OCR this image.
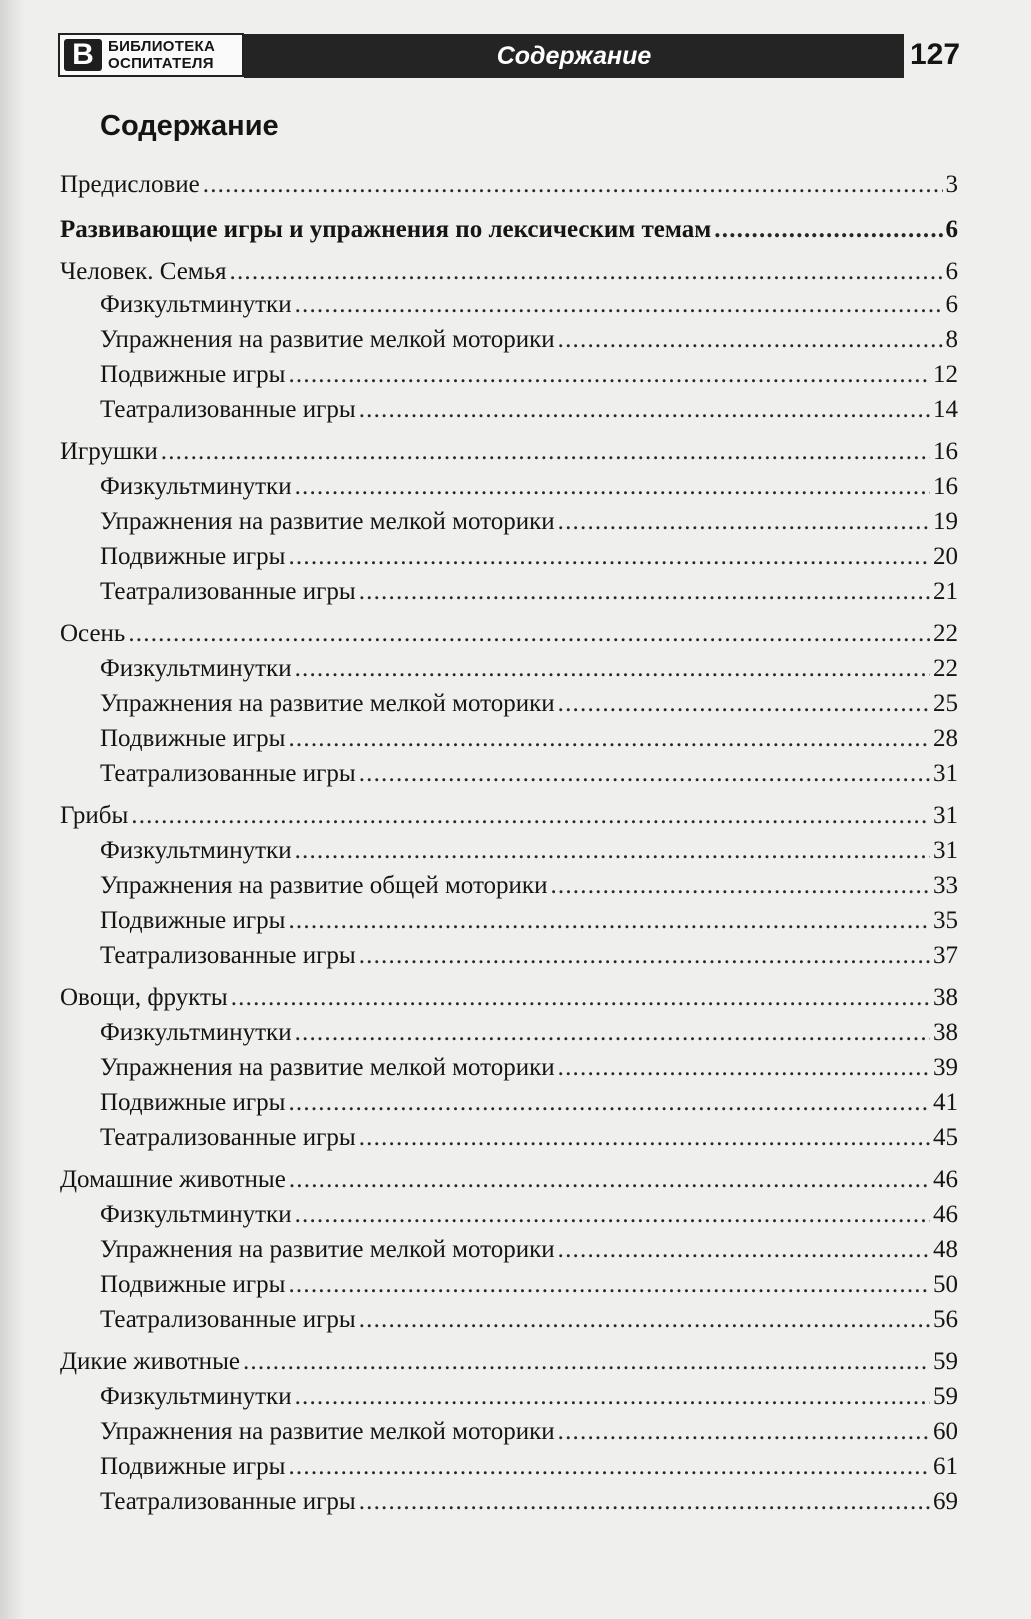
В БИБЛИОТЕКА
ОСПИТАТЕЛЯ	Содержание	127
Содержание
Предисловие .....	3
Развивающие игры и упражнения по лексическим темам .....	6
Человек. Семья .....	6
Физкультминутки .....	6
Упражнения на развитие мелкой моторики .....	8
Подвижные игры .....	12
Театрализованные игры .....	14
Игрушки .....	16
Физкультминутки .....	16
Упражнения на развитие мелкой моторики .....	19
Подвижные игры .....	20
Театрализованные игры .....	21
Осень .....	22
Физкультминутки .....	22
Упражнения на развитие мелкой моторики .....	25
Подвижные игры .....	28
Театрализованные игры .....	31
Грибы .....	31
Физкультминутки .....	31
Упражнения на развитие общей моторики .....	33
Подвижные игры .....	35
Театрализованные игры .....	37
Овощи, фрукты .....	38
Физкультминутки .....	38
Упражнения на развитие мелкой моторики .....	39
Подвижные игры .....	41
Театрализованные игры .....	45
Домашние животные .....	46
Физкультминутки .....	46
Упражнения на развитие мелкой моторики .....	48
Подвижные игры .....	50
Театрализованные игры .....	56
Дикие животные .....	59
Физкультминутки .....	59
Упражнения на развитие мелкой моторики .....	60
Подвижные игры .....	61
Театрализованные игры .....	69
